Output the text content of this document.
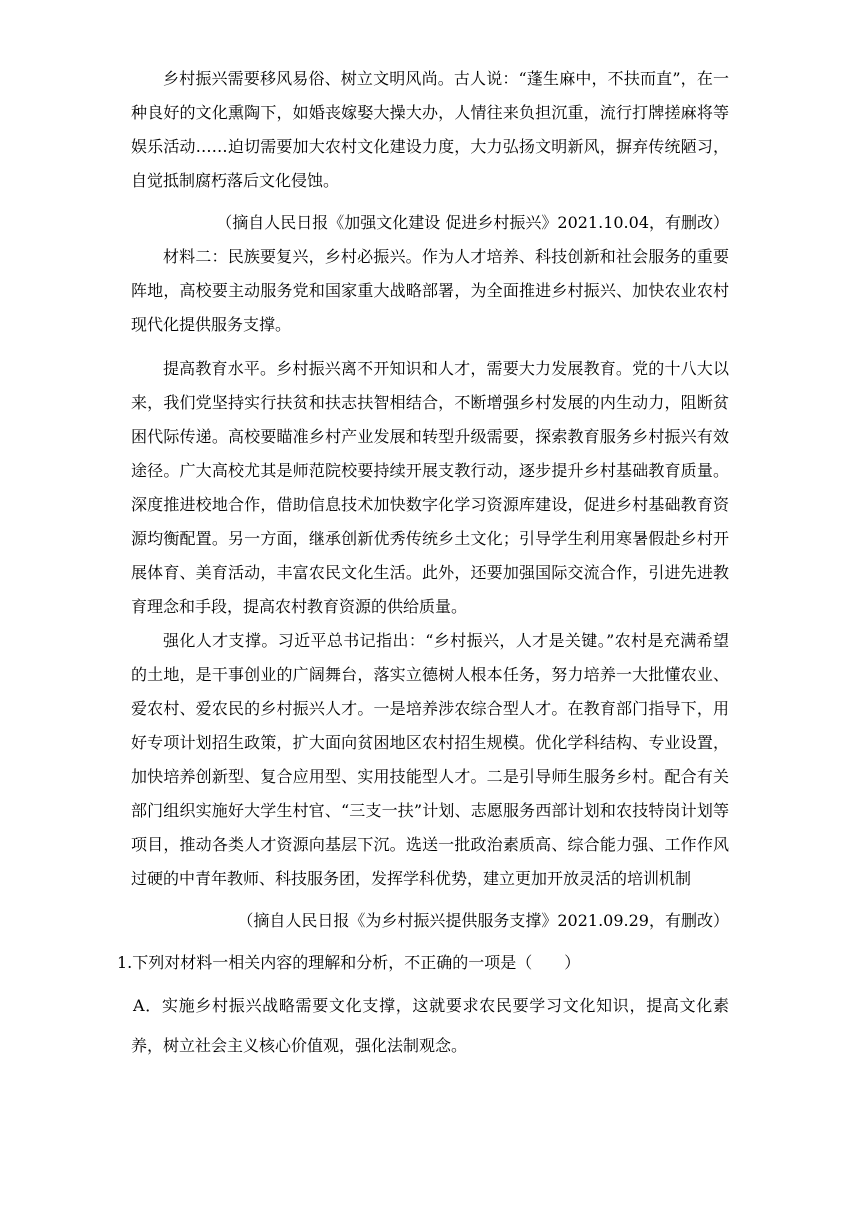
乡村振兴需要移风易俗、树立文明风尚。古人说：“蓬生麻中，不扶而直”，在一种良好的文化熏陶下，如婚丧嫁娶大操大办，人情往来负担沉重，流行打牌搓麻将等娱乐活动……迫切需要加大农村文化建设力度，大力弘扬文明新风，摒弃传统陋习，自觉抵制腐朽落后文化侵蚀。

（摘自人民日报《加强文化建设 促进乡村振兴》2021.10.04，有删改）

材料二：民族要复兴，乡村必振兴。作为人才培养、科技创新和社会服务的重要阵地，高校要主动服务党和国家重大战略部署，为全面推进乡村振兴、加快农业农村现代化提供服务支撑。

提高教育水平。乡村振兴离不开知识和人才，需要大力发展教育。党的十八大以来，我们党坚持实行扶贫和扶志扶智相结合，不断增强乡村发展的内生动力，阻断贫困代际传递。高校要瞄准乡村产业发展和转型升级需要，探索教育服务乡村振兴有效途径。广大高校尤其是师范院校要持续开展支教行动，逐步提升乡村基础教育质量。深度推进校地合作，借助信息技术加快数字化学习资源库建设，促进乡村基础教育资源均衡配置。另一方面，继承创新优秀传统乡土文化；引导学生利用寒暑假赴乡村开展体育、美育活动，丰富农民文化生活。此外，还要加强国际交流合作，引进先进教育理念和手段，提高农村教育资源的供给质量。

强化人才支撑。习近平总书记指出：“乡村振兴，人才是关键。”农村是充满希望的土地，是干事创业的广阔舞台，落实立德树人根本任务，努力培养一大批懂农业、爱农村、爱农民的乡村振兴人才。一是培养涉农综合型人才。在教育部门指导下，用好专项计划招生政策，扩大面向贫困地区农村招生规模。优化学科结构、专业设置，加快培养创新型、复合应用型、实用技能型人才。二是引导师生服务乡村。配合有关部门组织实施好大学生村官、“三支一扶”计划、志愿服务西部计划和农技特岗计划等项目，推动各类人才资源向基层下沉。选送一批政治素质高、综合能力强、工作作风过硬的中青年教师、科技服务团，发挥学科优势，建立更加开放灵活的培训机制

（摘自人民日报《为乡村振兴提供服务支撑》2021.09.29，有删改）

1.下列对材料一相关内容的理解和分析，不正确的一项是（　　）

A．实施乡村振兴战略需要文化支撑，这就要求农民要学习文化知识，提高文化素养，树立社会主义核心价值观，强化法制观念。
